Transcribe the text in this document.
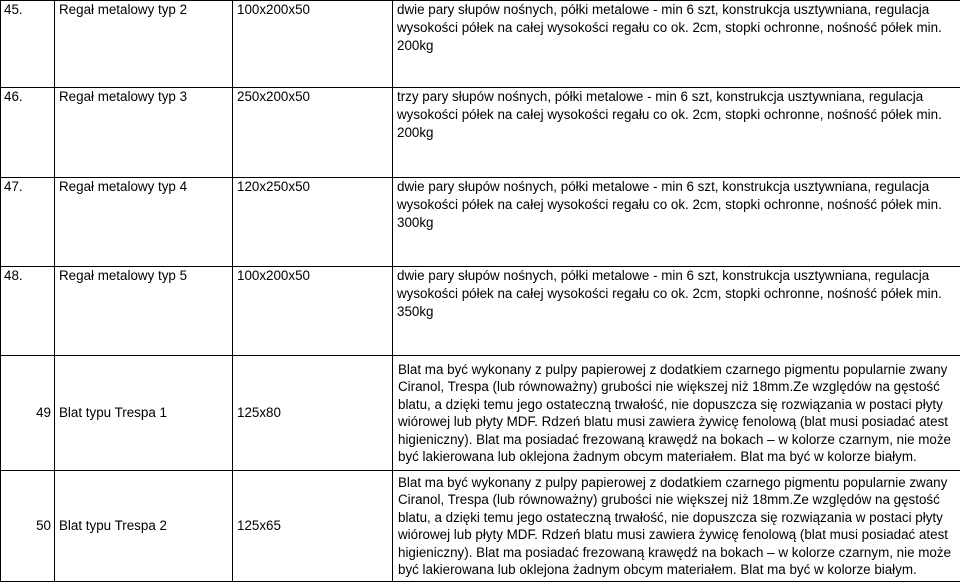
45.	Regał metalowy typ 2	100x200x50	dwie pary słupów nośnych, półki metalowe - min 6 szt, konstrukcja usztywniana, regulacja wysokości półek na całej wysokości regału co ok. 2cm, stopki ochronne, nośność półek min. 200kg
46.	Regał metalowy typ 3	250x200x50	trzy pary słupów nośnych, półki metalowe - min 6 szt, konstrukcja usztywniana, regulacja wysokości półek na całej wysokości regału co ok. 2cm, stopki ochronne, nośność półek min. 200kg
47.	Regał metalowy typ 4	120x250x50	dwie pary słupów nośnych, półki metalowe - min 6 szt, konstrukcja usztywniana, regulacja wysokości półek na całej wysokości regału co ok. 2cm, stopki ochronne, nośność półek min. 300kg
48.	Regał metalowy typ 5	100x200x50	dwie pary słupów nośnych, półki metalowe - min 6 szt, konstrukcja usztywniana, regulacja wysokości półek na całej wysokości regału co ok. 2cm, stopki ochronne, nośność półek min. 350kg
49	Blat typu Trespa 1	125x80	Blat ma być wykonany z pulpy papierowej z dodatkiem czarnego pigmentu popularnie zwany Ciranol, Trespa (lub równoważny) grubości nie większej niż 18mm.Ze względów na gęstość blatu, a dzięki temu jego ostateczną trwałość, nie dopuszcza się rozwiązania w postaci płyty wiórowej lub płyty MDF. Rdzeń blatu musi zawiera żywicę fenolową (blat musi posiadać atest higieniczny). Blat ma posiadać frezowaną krawędź na bokach – w kolorze czarnym, nie może być lakierowana lub oklejona żadnym obcym materiałem. Blat ma być w kolorze białym.
50	Blat typu Trespa 2	125x65	Blat ma być wykonany z pulpy papierowej z dodatkiem czarnego pigmentu popularnie zwany Ciranol, Trespa (lub równoważny) grubości nie większej niż 18mm.Ze względów na gęstość blatu, a dzięki temu jego ostateczną trwałość, nie dopuszcza się rozwiązania w postaci płyty wiórowej lub płyty MDF. Rdzeń blatu musi zawiera żywicę fenolową (blat musi posiadać atest higieniczny). Blat ma posiadać frezowaną krawędź na bokach – w kolorze czarnym, nie może być lakierowana lub oklejona żadnym obcym materiałem. Blat ma być w kolorze białym.
